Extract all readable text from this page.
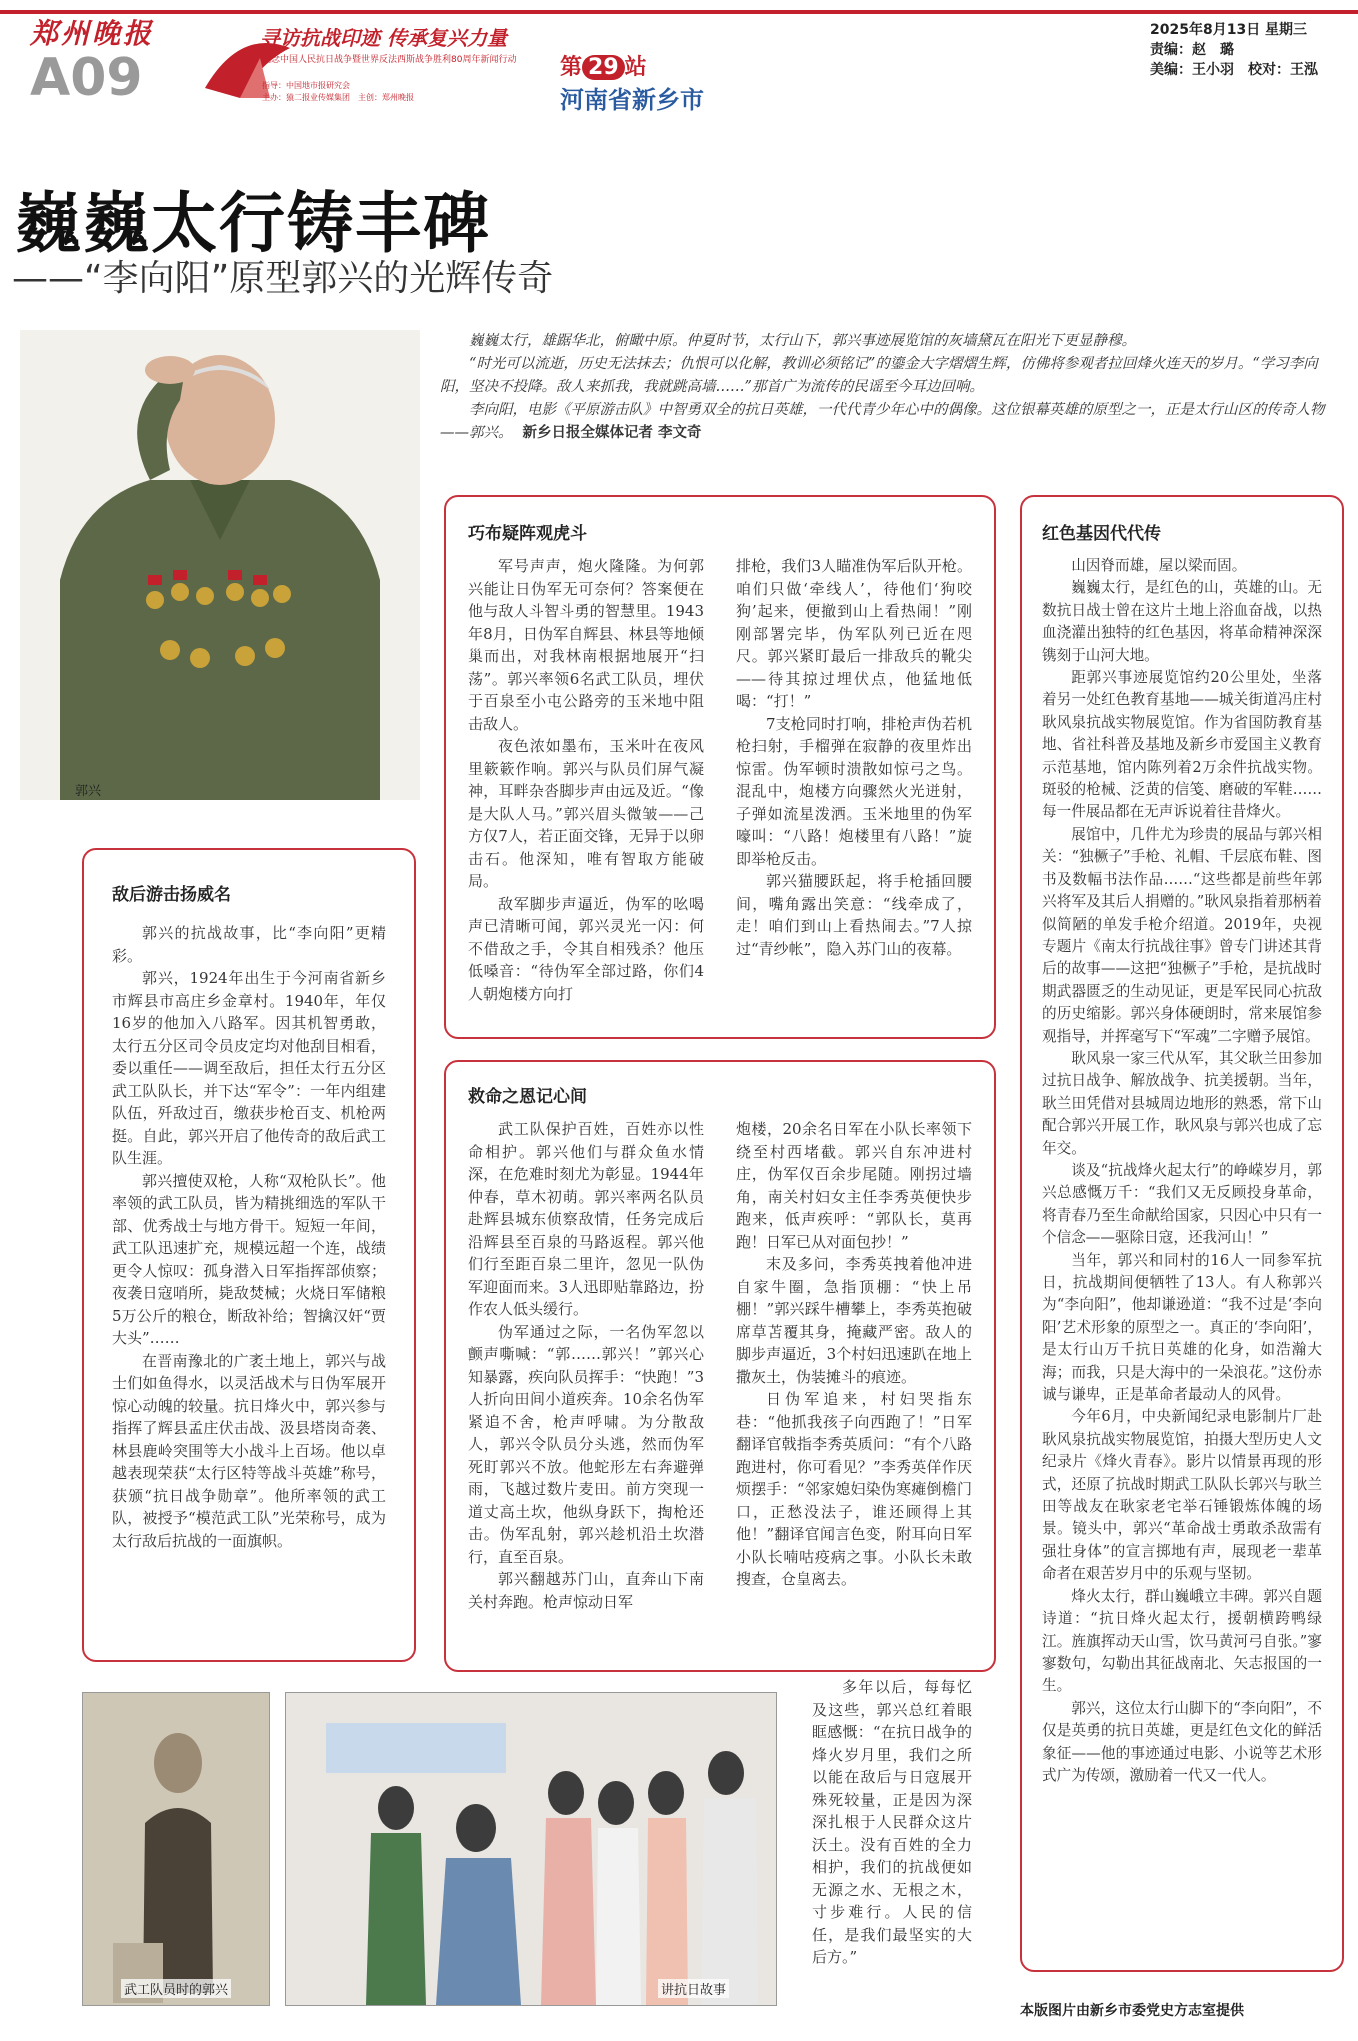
郑州晚报
A09
寻访抗战印迹 传承复兴力量
纪念中国人民抗日战争暨世界反法西斯战争胜利80周年新闻行动
指导：中国地市报研究会
主办：猿二报业传媒集团　主创：郑州晚报
第 29 站
河南省新乡市
2025年8月13日 星期三
责编：赵　璐
美编：王小羽　校对：王泓
巍巍太行铸丰碑
——“李向阳”原型郭兴的光辉传奇

巍巍太行，雄踞华北，俯瞰中原。仲夏时节，太行山下，郭兴事迹展览馆的灰墙黛瓦在阳光下更显静穆。

“时光可以流逝，历史无法抹去；仇恨可以化解，教训必须铭记”的鎏金大字熠熠生辉，仿佛将参观者拉回烽火连天的岁月。“学习李向阳，坚决不投降。敌人来抓我，我就跳高墙……”那首广为流传的民谣至今耳边回响。

李向阳，电影《平原游击队》中智勇双全的抗日英雄，一代代青少年心中的偶像。这位银幕英雄的原型之一，正是太行山区的传奇人物——郭兴。 新乡日报全媒体记者 李文奇

郭兴
敌后游击扬威名

郭兴的抗战故事，比“李向阳”更精彩。

郭兴，1924年出生于今河南省新乡市辉县市高庄乡金章村。1940年，年仅16岁的他加入八路军。因其机智勇敢，太行五分区司令员皮定均对他刮目相看，委以重任——调至敌后，担任太行五分区武工队队长，并下达“军令”：一年内组建队伍，歼敌过百，缴获步枪百支、机枪两挺。自此，郭兴开启了他传奇的敌后武工队生涯。

郭兴擅使双枪，人称“双枪队长”。他率领的武工队员，皆为精挑细选的军队干部、优秀战士与地方骨干。短短一年间，武工队迅速扩充，规模远超一个连，战绩更令人惊叹：孤身潜入日军指挥部侦察；夜袭日寇哨所，毙敌焚械；火烧日军储粮5万公斤的粮仓，断敌补给；智擒汉奸“贾大头”……

在晋南豫北的广袤土地上，郭兴与战士们如鱼得水，以灵活战术与日伪军展开惊心动魄的较量。抗日烽火中，郭兴参与指挥了辉县孟庄伏击战、汲县塔岗奇袭、林县鹿岭突围等大小战斗上百场。他以卓越表现荣获“太行区特等战斗英雄”称号，获颁“抗日战争勋章”。他所率领的武工队，被授予“模范武工队”光荣称号，成为太行敌后抗战的一面旗帜。

巧布疑阵观虎斗

军号声声，炮火隆隆。为何郭兴能让日伪军无可奈何？答案便在他与敌人斗智斗勇的智慧里。1943年8月，日伪军自辉县、林县等地倾巢而出，对我林南根据地展开“扫荡”。郭兴率领6名武工队员，埋伏于百泉至小屯公路旁的玉米地中阻击敌人。

夜色浓如墨布，玉米叶在夜风里簌簌作响。郭兴与队员们屏气凝神，耳畔杂沓脚步声由远及近。“像是大队人马。”郭兴眉头微皱——己方仅7人，若正面交锋，无异于以卵击石。他深知，唯有智取方能破局。

敌军脚步声逼近，伪军的吆喝声已清晰可闻，郭兴灵光一闪：何不借敌之手，令其自相残杀？他压低嗓音：“待伪军全部过路，你们4人朝炮楼方向打

排枪，我们3人瞄准伪军后队开枪。咱们只做‘牵线人’，待他们‘狗咬狗’起来，便撤到山上看热闹！”刚刚部署完毕，伪军队列已近在咫尺。郭兴紧盯最后一排敌兵的靴尖——待其掠过埋伏点，他猛地低喝：“打！”

7支枪同时打响，排枪声伪若机枪扫射，手榴弹在寂静的夜里炸出惊雷。伪军顿时溃散如惊弓之鸟。混乱中，炮楼方向骤然火光迸射，子弹如流星泼洒。玉米地里的伪军嚎叫：“八路！炮楼里有八路！”旋即举枪反击。

郭兴猫腰跃起，将手枪插回腰间，嘴角露出笑意：“线牵成了，走！咱们到山上看热闹去。”7人掠过“青纱帐”，隐入苏门山的夜幕。

救命之恩记心间

武工队保护百姓，百姓亦以性命相护。郭兴他们与群众鱼水情深，在危难时刻尤为彰显。1944年仲春，草木初萌。郭兴率两名队员赴辉县城东侦察敌情，任务完成后沿辉县至百泉的马路返程。郭兴他们行至距百泉二里许，忽见一队伪军迎面而来。3人迅即贴靠路边，扮作农人低头缓行。

伪军通过之际，一名伪军忽以颤声嘶喊：“郭……郭兴！”郭兴心知暴露，疾向队员挥手：“快跑！”3人折向田间小道疾奔。10余名伪军紧追不舍，枪声呼啸。为分散敌人，郭兴令队员分头逃，然而伪军死盯郭兴不放。他蛇形左右奔避弹雨，飞越过数片麦田。前方突现一道丈高土坎，他纵身跃下，掏枪还击。伪军乱射，郭兴趁机沿土坎潜行，直至百泉。

郭兴翻越苏门山，直奔山下南关村奔跑。枪声惊动日军

炮楼，20余名日军在小队长率领下绕至村西堵截。郭兴自东冲进村庄，伪军仅百余步尾随。刚拐过墙角，南关村妇女主任李秀英便快步跑来，低声疾呼：“郭队长，莫再跑！日军已从对面包抄！”

末及多问，李秀英拽着他冲进自家牛圈，急指顶棚：“快上吊棚！”郭兴踩牛槽攀上，李秀英抱破席草苫覆其身，掩藏严密。敌人的脚步声逼近，3个村妇迅速趴在地上撒灰土，伪装摊斗的痕迹。

日伪军追来，村妇哭指东巷：“他抓我孩子向西跑了！”日军翻译官戟指李秀英质问：“有个八路跑进村，你可看见？”李秀英佯作厌烦摆手：“邻家媳妇染伪寒瘫倒檐门口，正愁没法子，谁还顾得上其他！”翻译官闻言色变，附耳向日军小队长喃咕疫病之事。小队长未敢搜查，仓皇离去。

多年以后，每每忆及这些，郭兴总红着眼眶感慨：“在抗日战争的烽火岁月里，我们之所以能在敌后与日寇展开殊死较量，正是因为深深扎根于人民群众这片沃土。没有百姓的全力相护，我们的抗战便如无源之水、无根之木，寸步难行。人民的信任，是我们最坚实的大后方。”

红色基因代代传

山因脊而雄，屋以梁而固。

巍巍太行，是红色的山，英雄的山。无数抗日战士曾在这片土地上浴血奋战，以热血浇灌出独特的红色基因，将革命精神深深镌刻于山河大地。

距郭兴事迹展览馆约20公里处，坐落着另一处红色教育基地——城关街道冯庄村耿风泉抗战实物展览馆。作为省国防教育基地、省社科普及基地及新乡市爱国主义教育示范基地，馆内陈列着2万余件抗战实物。斑驳的枪械、泛黄的信笺、磨破的军鞋……每一件展品都在无声诉说着往昔烽火。

展馆中，几件尤为珍贵的展品与郭兴相关：“独橛子”手枪、礼帽、千层底布鞋、图书及数幅书法作品……“这些都是前些年郭兴将军及其后人捐赠的。”耿风泉指着那柄着似简陋的单发手枪介绍道。2019年，央视专题片《南太行抗战往事》曾专门讲述其背后的故事——这把“独橛子”手枪，是抗战时期武器匮乏的生动见证，更是军民同心抗敌的历史缩影。郭兴身体硬朗时，常来展馆参观指导，并挥毫写下“军魂”二字赠予展馆。

耿风泉一家三代从军，其父耿兰田参加过抗日战争、解放战争、抗美援朝。当年，耿兰田凭借对县城周边地形的熟悉，常下山配合郭兴开展工作，耿风泉与郭兴也成了忘年交。

谈及“抗战烽火起太行”的峥嵘岁月，郭兴总感慨万千：“我们又无反顾投身革命，将青春乃至生命献给国家，只因心中只有一个信念——驱除日寇，还我河山！”

当年，郭兴和同村的16人一同参军抗日，抗战期间便牺牲了13人。有人称郭兴为“李向阳”，他却谦逊道：“我不过是‘李向阳’艺术形象的原型之一。真正的‘李向阳’，是太行山万千抗日英雄的化身，如浩瀚大海；而我，只是大海中的一朵浪花。”这份赤诚与谦卑，正是革命者最动人的风骨。

今年6月，中央新闻纪录电影制片厂赴耿风泉抗战实物展览馆，拍摄大型历史人文纪录片《烽火青春》。影片以情景再现的形式，还原了抗战时期武工队队长郭兴与耿兰田等战友在耿家老宅举石锤锻炼体魄的场景。镜头中，郭兴“革命战士勇敢杀敌需有强壮身体”的宣言掷地有声，展现老一辈革命者在艰苦岁月中的乐观与坚韧。

烽火太行，群山巍峨立丰碑。郭兴自题诗道：“抗日烽火起太行，援朝横跨鸭绿江。旌旗挥动天山雪，饮马黄河弓自张。”寥寥数句，勾勒出其征战南北、矢志报国的一生。

郭兴，这位太行山脚下的“李向阳”，不仅是英勇的抗日英雄，更是红色文化的鲜活象征——他的事迹通过电影、小说等艺术形式广为传颂，激励着一代又一代人。

武工队员时的郭兴	讲抗日故事
本版图片由新乡市委党史方志室提供
